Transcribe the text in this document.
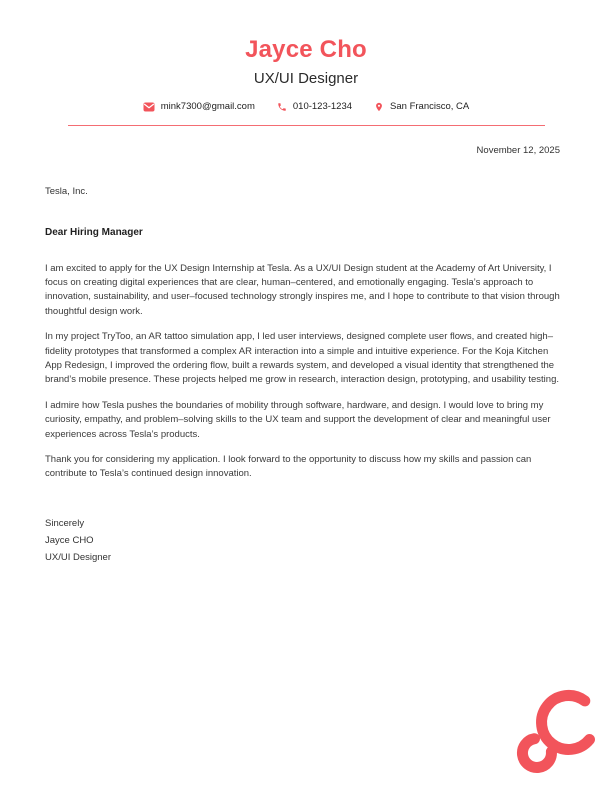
Jayce Cho
UX/UI Designer
mink7300@gmail.com	010-123-1234	San Francisco, CA
November 12, 2025
Tesla, Inc.
Dear Hiring Manager

I am excited to apply for the UX Design Internship at Tesla. As a UX/UI Design student at the Academy of Art University, I focus on creating digital experiences that are clear, human–centered, and emotionally engaging. Tesla’s approach to innovation, sustainability, and user–focused technology strongly inspires me, and I hope to contribute to that vision through thoughtful design work.

In my project TryToo, an AR tattoo simulation app, I led user interviews, designed complete user flows, and created high–fidelity prototypes that transformed a complex AR interaction into a simple and intuitive experience. For the Koja Kitchen App Redesign, I improved the ordering flow, built a rewards system, and developed a visual identity that strengthened the brand’s mobile presence. These projects helped me grow in research, interaction design, prototyping, and usability testing.

I admire how Tesla pushes the boundaries of mobility through software, hardware, and design. I would love to bring my curiosity, empathy, and problem–solving skills to the UX team and support the development of clear and meaningful user experiences across Tesla’s products.

Thank you for considering my application. I look forward to the opportunity to discuss how my skills and passion can contribute to Tesla’s continued design innovation.

Sincerely
Jayce CHO
UX/UI Designer
